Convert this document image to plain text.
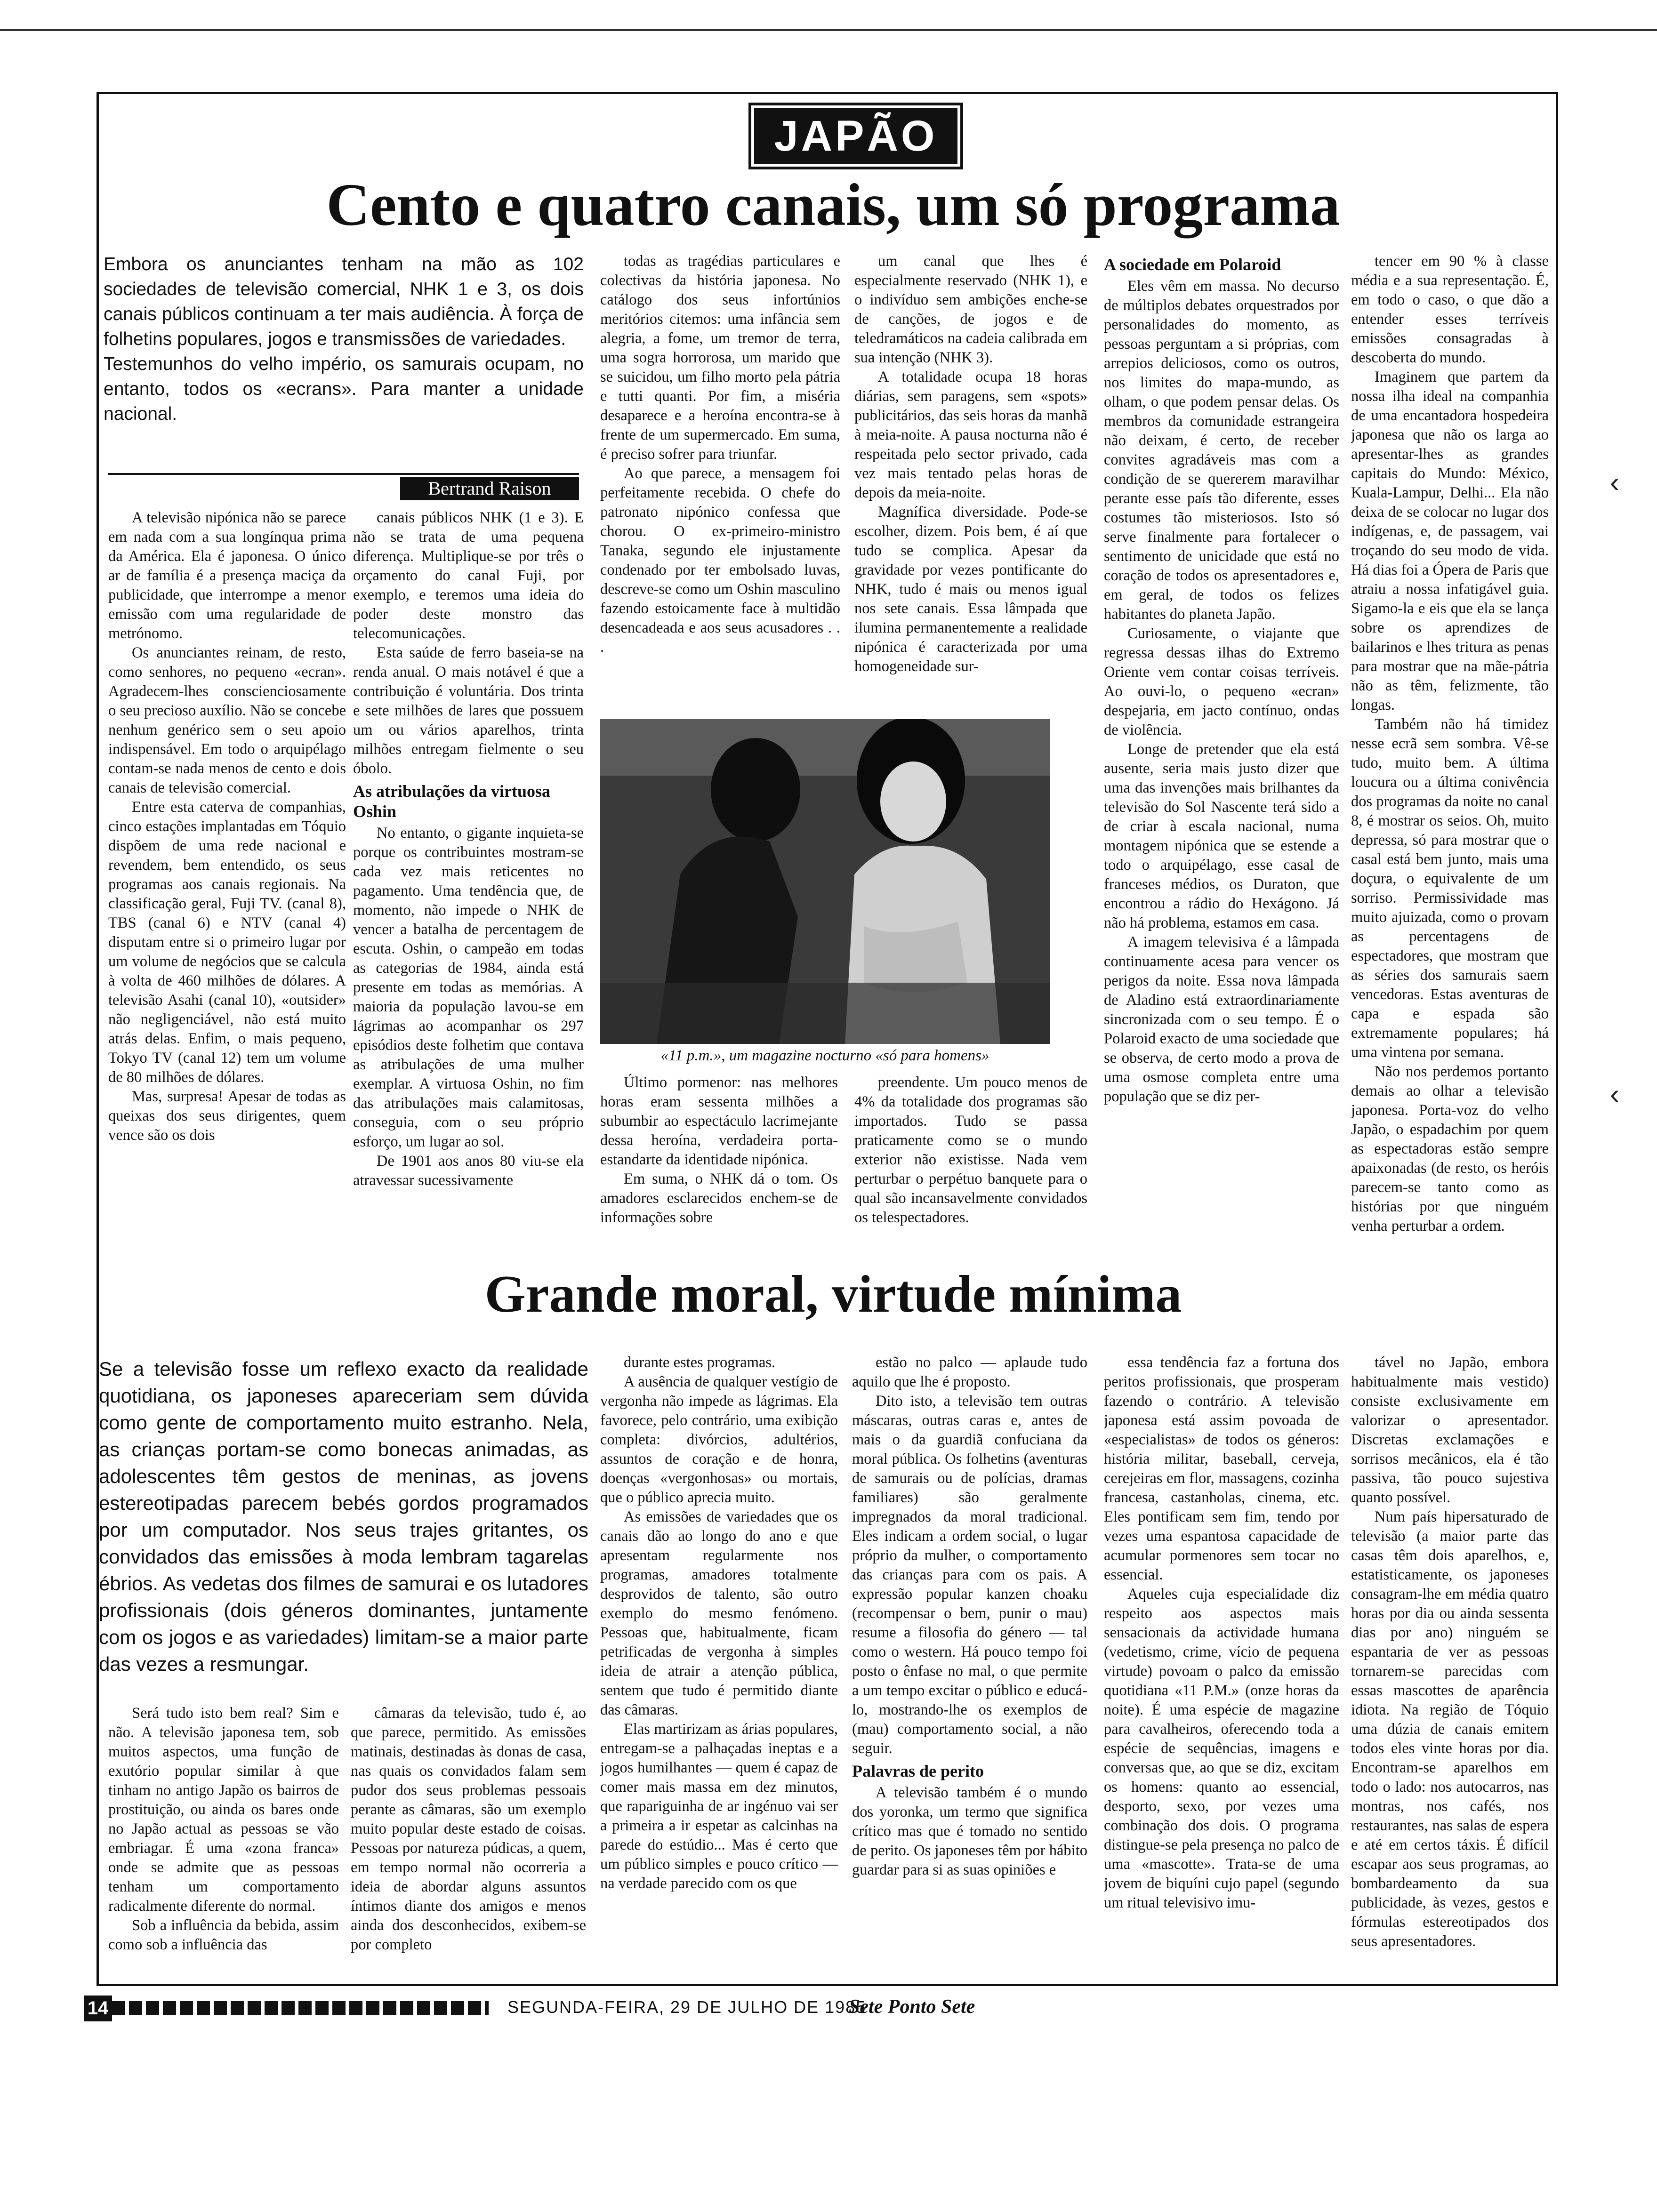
JAPÃO
Cento e quatro canais, um só programa

Embora os anunciantes tenham na mão as 102 sociedades de televisão comercial, NHK 1 e 3, os dois canais públicos continuam a ter mais audiência. À força de folhetins populares, jogos e transmissões de variedades.

Testemunhos do velho império, os samurais ocupam, no entanto, todos os «ecrans». Para manter a unidade nacional.

Bertrand Raison

A televisão nipónica não se parece em nada com a sua longínqua prima da América. Ela é japonesa. O único ar de família é a presença maciça da publicidade, que interrompe a menor emissão com uma regularidade de metrónomo.

Os anunciantes reinam, de resto, como senhores, no pequeno «ecran». Agradecem-lhes conscienciosamente o seu precioso auxílio. Não se concebe nenhum genérico sem o seu apoio indispensável. Em todo o arquipélago contam-se nada menos de cento e dois canais de televisão comercial.

Entre esta caterva de companhias, cinco estações implantadas em Tóquio dispõem de uma rede nacional e revendem, bem entendido, os seus programas aos canais regionais. Na classificação geral, Fuji TV. (canal 8), TBS (canal 6) e NTV (canal 4) disputam entre si o primeiro lugar por um volume de negócios que se calcula à volta de 460 milhões de dólares. A televisão Asahi (canal 10), «outsider» não negligenciável, não está muito atrás delas. Enfim, o mais pequeno, Tokyo TV (canal 12) tem um volume de 80 milhões de dólares.

Mas, surpresa! Apesar de todas as queixas dos seus dirigentes, quem vence são os dois

canais públicos NHK (1 e 3). E não se trata de uma pequena diferença. Multiplique-se por três o orçamento do canal Fuji, por exemplo, e teremos uma ideia do poder deste monstro das telecomunicações.

Esta saúde de ferro baseia-se na renda anual. O mais notável é que a contribuição é voluntária. Dos trinta e sete milhões de lares que possuem um ou vários aparelhos, trinta milhões entregam fielmente o seu óbolo.

As atribulações da virtuosa Oshin

No entanto, o gigante inquieta-se porque os contribuintes mostram-se cada vez mais reticentes no pagamento. Uma tendência que, de momento, não impede o NHK de vencer a batalha de percentagem de escuta. Oshin, o campeão em todas as categorias de 1984, ainda está presente em todas as memórias. A maioria da população lavou-se em lágrimas ao acompanhar os 297 episódios deste folhetim que contava as atribulações de uma mulher exemplar. A virtuosa Oshin, no fim das atribulações mais calamitosas, conseguia, com o seu próprio esforço, um lugar ao sol.

De 1901 aos anos 80 viu-se ela atravessar sucessivamente

todas as tragédias particulares e colectivas da história japonesa. No catálogo dos seus infortúnios meritórios citemos: uma infância sem alegria, a fome, um tremor de terra, uma sogra horrorosa, um marido que se suicidou, um filho morto pela pátria e tutti quanti. Por fim, a miséria desaparece e a heroína encontra-se à frente de um supermercado. Em suma, é preciso sofrer para triunfar.

Ao que parece, a mensagem foi perfeitamente recebida. O chefe do patronato nipónico confessa que chorou. O ex-primeiro-ministro Tanaka, segundo ele injustamente condenado por ter embolsado luvas, descreve-se como um Oshin masculino fazendo estoicamente face à multidão desencadeada e aos seus acusadores . . .

um canal que lhes é especialmente reservado (NHK 1), e o indivíduo sem ambições enche-se de canções, de jogos e de teledramáticos na cadeia calibrada em sua intenção (NHK 3).

A totalidade ocupa 18 horas diárias, sem paragens, sem «spots» publicitários, das seis horas da manhã à meia-noite. A pausa nocturna não é respeitada pelo sector privado, cada vez mais tentado pelas horas de depois da meia-noite.

Magnífica diversidade. Pode-se escolher, dizem. Pois bem, é aí que tudo se complica. Apesar da gravidade por vezes pontificante do NHK, tudo é mais ou menos igual nos sete canais. Essa lâmpada que ilumina permanentemente a realidade nipónica é caracterizada por uma homogeneidade sur-

«11 p.m.», um magazine nocturno «só para homens»

Último pormenor: nas melhores horas eram sessenta milhões a subumbir ao espectáculo lacrimejante dessa heroína, verdadeira porta-estandarte da identidade nipónica.

Em suma, o NHK dá o tom. Os amadores esclarecidos enchem-se de informações sobre

preendente. Um pouco menos de 4% da totalidade dos programas são importados. Tudo se passa praticamente como se o mundo exterior não existisse. Nada vem perturbar o perpétuo banquete para o qual são incansavelmente convidados os telespectadores.

A sociedade em Polaroid

Eles vêm em massa. No decurso de múltiplos debates orquestrados por personalidades do momento, as pessoas perguntam a si próprias, com arrepios deliciosos, como os outros, nos limites do mapa-mundo, as olham, o que podem pensar delas. Os membros da comunidade estrangeira não deixam, é certo, de receber convites agradáveis mas com a condição de se quererem maravilhar perante esse país tão diferente, esses costumes tão misteriosos. Isto só serve finalmente para fortalecer o sentimento de unicidade que está no coração de todos os apresentadores e, em geral, de todos os felizes habitantes do planeta Japão.

Curiosamente, o viajante que regressa dessas ilhas do Extremo Oriente vem contar coisas terríveis. Ao ouvi-lo, o pequeno «ecran» despejaria, em jacto contínuo, ondas de violência.

Longe de pretender que ela está ausente, seria mais justo dizer que uma das invenções mais brilhantes da televisão do Sol Nascente terá sido a de criar à escala nacional, numa montagem nipónica que se estende a todo o arquipélago, esse casal de franceses médios, os Duraton, que encontrou a rádio do Hexágono. Já não há problema, estamos em casa.

A imagem televisiva é a lâmpada continuamente acesa para vencer os perigos da noite. Essa nova lâmpada de Aladino está extraordinariamente sincronizada com o seu tempo. É o Polaroid exacto de uma sociedade que se observa, de certo modo a prova de uma osmose completa entre uma população que se diz per-

tencer em 90 % à classe média e a sua representação. É, em todo o caso, o que dão a entender esses terríveis emissões consagradas à descoberta do mundo.

Imaginem que partem da nossa ilha ideal na companhia de uma encantadora hospedeira japonesa que não os larga ao apresentar-lhes as grandes capitais do Mundo: México, Kuala-Lampur, Delhi... Ela não deixa de se colocar no lugar dos indígenas, e, de passagem, vai troçando do seu modo de vida. Há dias foi a Ópera de Paris que atraiu a nossa infatigável guia. Sigamo-la e eis que ela se lança sobre os aprendizes de bailarinos e lhes tritura as penas para mostrar que na mãe-pátria não as têm, felizmente, tão longas.

Também não há timidez nesse ecrã sem sombra. Vê-se tudo, muito bem. A última loucura ou a última conivência dos programas da noite no canal 8, é mostrar os seios. Oh, muito depressa, só para mostrar que o casal está bem junto, mais uma doçura, o equivalente de um sorriso. Permissividade mas muito ajuizada, como o provam as percentagens de espectadores, que mostram que as séries dos samurais saem vencedoras. Estas aventuras de capa e espada são extremamente populares; há uma vintena por semana.

Não nos perdemos portanto demais ao olhar a televisão japonesa. Porta-voz do velho Japão, o espadachim por quem as espectadoras estão sempre apaixonadas (de resto, os heróis parecem-se tanto como as histórias por que ninguém venha perturbar a ordem.

Grande moral, virtude mínima

Se a televisão fosse um reflexo exacto da realidade quotidiana, os japoneses apareceriam sem dúvida como gente de comportamento muito estranho. Nela, as crianças portam-se como bonecas animadas, as adolescentes têm gestos de meninas, as jovens estereotipadas parecem bebés gordos programados por um computador. Nos seus trajes gritantes, os convidados das emissões à moda lembram tagarelas ébrios. As vedetas dos filmes de samurai e os lutadores profissionais (dois géneros dominantes, juntamente com os jogos e as variedades) limitam-se a maior parte das vezes a resmungar.

Será tudo isto bem real? Sim e não. A televisão japonesa tem, sob muitos aspectos, uma função de exutório popular similar à que tinham no antigo Japão os bairros de prostituição, ou ainda os bares onde no Japão actual as pessoas se vão embriagar. É uma «zona franca» onde se admite que as pessoas tenham um comportamento radicalmente diferente do normal.

Sob a influência da bebida, assim como sob a influência das

câmaras da televisão, tudo é, ao que parece, permitido. As emissões matinais, destinadas às donas de casa, nas quais os convidados falam sem pudor dos seus problemas pessoais perante as câmaras, são um exemplo muito popular deste estado de coisas. Pessoas por natureza púdicas, a quem, em tempo normal não ocorreria a ideia de abordar alguns assuntos íntimos diante dos amigos e menos ainda dos desconhecidos, exibem-se por completo

durante estes programas.

A ausência de qualquer vestígio de vergonha não impede as lágrimas. Ela favorece, pelo contrário, uma exibição completa: divórcios, adultérios, assuntos de coração e de honra, doenças «vergonhosas» ou mortais, que o público aprecia muito.

As emissões de variedades que os canais dão ao longo do ano e que apresentam regularmente nos programas, amadores totalmente desprovidos de talento, são outro exemplo do mesmo fenómeno. Pessoas que, habitualmente, ficam petrificadas de vergonha à simples ideia de atrair a atenção pública, sentem que tudo é permitido diante das câmaras.

Elas martirizam as árias populares, entregam-se a palhaçadas ineptas e a jogos humilhantes — quem é capaz de comer mais massa em dez minutos, que rapariguinha de ar ingénuo vai ser a primeira a ir espetar as calcinhas na parede do estúdio... Mas é certo que um público simples e pouco crítico — na verdade parecido com os que

estão no palco — aplaude tudo aquilo que lhe é proposto.

Dito isto, a televisão tem outras máscaras, outras caras e, antes de mais o da guardiã confuciana da moral pública. Os folhetins (aventuras de samurais ou de polícias, dramas familiares) são geralmente impregnados da moral tradicional. Eles indicam a ordem social, o lugar próprio da mulher, o comportamento das crianças para com os pais. A expressão popular kanzen choaku (recompensar o bem, punir o mau) resume a filosofia do género — tal como o western. Há pouco tempo foi posto o ênfase no mal, o que permite a um tempo excitar o público e educá-lo, mostrando-lhe os exemplos de (mau) comportamento social, a não seguir.

Palavras de perito

A televisão também é o mundo dos yoronka, um termo que significa crítico mas que é tomado no sentido de perito. Os japoneses têm por hábito guardar para si as suas opiniões e

essa tendência faz a fortuna dos peritos profissionais, que prosperam fazendo o contrário. A televisão japonesa está assim povoada de «especialistas» de todos os géneros: história militar, baseball, cerveja, cerejeiras em flor, massagens, cozinha francesa, castanholas, cinema, etc. Eles pontificam sem fim, tendo por vezes uma espantosa capacidade de acumular pormenores sem tocar no essencial.

Aqueles cuja especialidade diz respeito aos aspectos mais sensacionais da actividade humana (vedetismo, crime, vício de pequena virtude) povoam o palco da emissão quotidiana «11 P.M.» (onze horas da noite). É uma espécie de magazine para cavalheiros, oferecendo toda a espécie de sequências, imagens e conversas que, ao que se diz, excitam os homens: quanto ao essencial, desporto, sexo, por vezes uma combinação dos dois. O programa distingue-se pela presença no palco de uma «mascotte». Trata-se de uma jovem de biquíni cujo papel (segundo um ritual televisivo imu-

tável no Japão, embora habitualmente mais vestido) consiste exclusivamente em valorizar o apresentador. Discretas exclamações e sorrisos mecânicos, ela é tão passiva, tão pouco sujestiva quanto possível.

Num país hipersaturado de televisão (a maior parte das casas têm dois aparelhos, e, estatisticamente, os japoneses consagram-lhe em média quatro horas por dia ou ainda sessenta dias por ano) ninguém se espantaria de ver as pessoas tornarem-se parecidas com essas mascottes de aparência idiota. Na região de Tóquio uma dúzia de canais emitem todos eles vinte horas por dia. Encontram-se aparelhos em todo o lado: nos autocarros, nas montras, nos cafés, nos restaurantes, nas salas de espera e até em certos táxis. É difícil escapar aos seus programas, ao bombardeamento da sua publicidade, às vezes, gestos e fórmulas estereotipados dos seus apresentadores.

14	SEGUNDA-FEIRA, 29 DE JULHO DE 1985
Sete Ponto Sete
‹
‹
